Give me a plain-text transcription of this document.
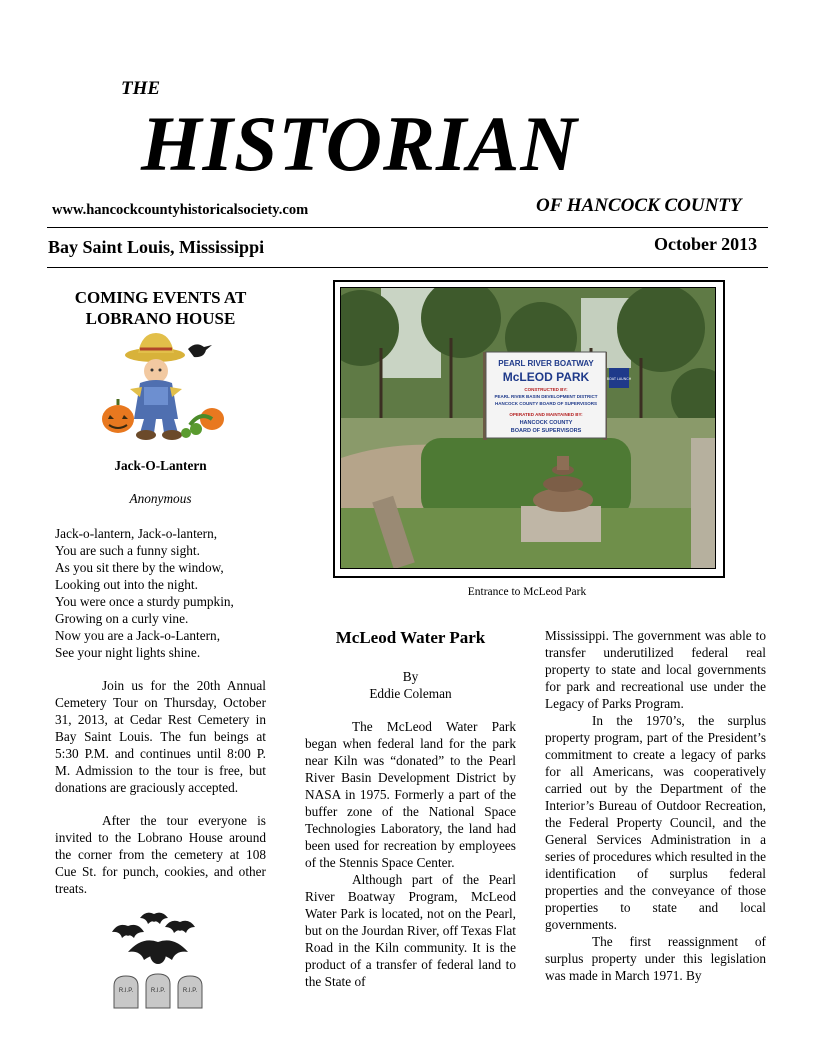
THE
HISTORIAN
www.hancockcountyhistoricalsociety.com	OF HANCOCK COUNTY
Bay Saint Louis, Mississippi	October 2013
COMING EVENTS AT LOBRANO HOUSE
Jack-O-Lantern
Anonymous
Jack-o-lantern, Jack-o-lantern,
You are such a funny sight.
As you sit there by the window,
Looking out into the night.
You were once a sturdy pumpkin,
Growing on a curly vine.
Now you are a Jack-o-Lantern,
See your night lights shine.
Join us for the 20th Annual Cemetery Tour on Thursday, October 31, 2013, at Cedar Rest Cemetery in Bay Saint Louis. The fun beings at 5:30 P.M. and continues until 8:00 P. M. Admission to the tour is free, but donations are graciously accepted.
After the tour everyone is invited to the Lobrano House around the corner from the cemetery at 108 Cue St. for punch, cookies, and other treats.
R.I.P.	R.I.P.	R.I.P.
PEARL RIVER BOATWAY
McLEOD PARK
CONSTRUCTED BY:
PEARL RIVER BASIN DEVELOPMENT DISTRICT
HANCOCK COUNTY BOARD OF SUPERVISORS
OPERATED AND MAINTAINED BY:
HANCOCK COUNTY
BOARD OF SUPERVISORS
BOAT LAUNCH
Entrance to McLeod Park
McLeod Water Park
By
Eddie Coleman
The McLeod Water Park began when federal land for the park near Kiln was “donated” to the Pearl River Basin Development District by NASA in 1975. Formerly a part of the buffer zone of the National Space Technologies Laboratory, the land had been used for recreation by employees of the Stennis Space Center.
Although part of the Pearl River Boatway Program, McLeod Water Park is located, not on the Pearl, but on the Jourdan River, off Texas Flat Road in the Kiln community. It is the product of a transfer of federal land to the State of
Mississippi. The government was able to transfer underutilized federal real property to state and local governments for park and recreational use under the Legacy of Parks Program.
In the 1970’s, the surplus property program, part of the President’s commitment to create a legacy of parks for all Americans, was cooperatively carried out by the Department of the Interior’s Bureau of Outdoor Recreation, the Federal Property Council, and the General Services Administration in a series of procedures which resulted in the identification of surplus federal properties and the conveyance of those properties to state and local governments.
The first reassignment of surplus property under this legislation was made in March 1971. By
